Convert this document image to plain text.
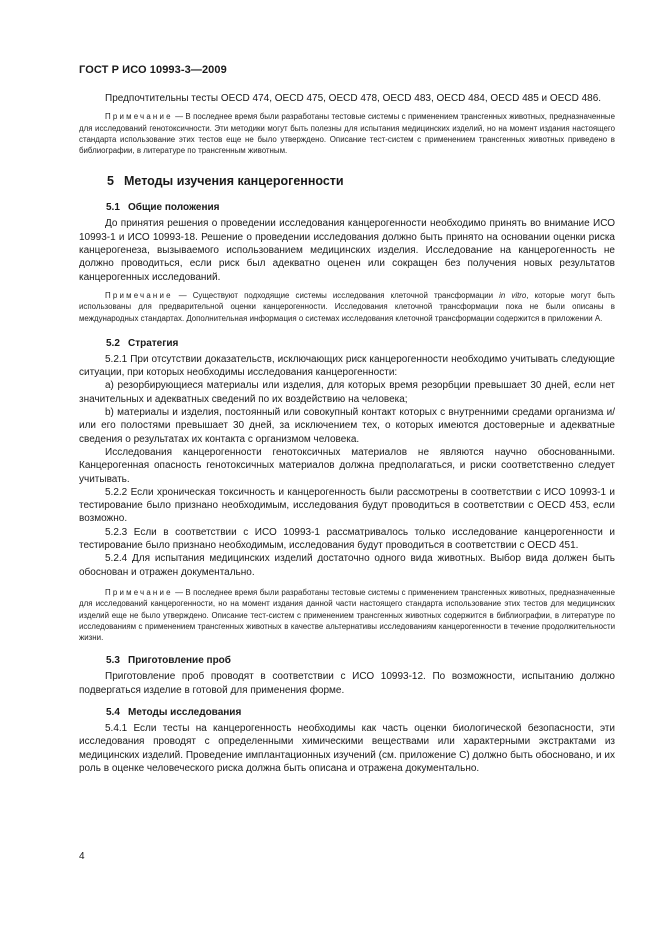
ГОСТ Р ИСО 10993-3—2009

Предпочтительны тесты OECD 474, OECD 475, OECD 478, OECD 483, OECD 484, OECD 485 и OECD 486.

Примечание — В последнее время были разработаны тестовые системы с применением трансгенных животных, предназначенные для исследований генотоксичности. Эти методики могут быть полезны для испытания медицинских изделий, но на момент издания настоящего стандарта использование этих тестов еще не было утверждено. Описание тест-систем с применением трансгенных животных приведено в библиографии, в литературе по трансгенным животным.

5 Методы изучения канцерогенности
5.1 Общие положения

До принятия решения о проведении исследования канцерогенности необходимо принять во внимание ИСО 10993-1 и ИСО 10993-18. Решение о проведении исследования должно быть принято на основании оценки риска канцерогенеза, вызываемого использованием медицинских изделия. Исследование на канцерогенность не должно проводиться, если риск был адекватно оценен или сокращен без получения новых результатов канцерогенных исследований.

Примечание — Существуют подходящие системы исследования клеточной трансформации in vitro, которые могут быть использованы для предварительной оценки канцерогенности. Исследования клеточной трансформации пока не были описаны в международных стандартах. Дополнительная информация о системах исследования клеточной трансформации содержится в приложении А.

5.2 Стратегия

5.2.1 При отсутствии доказательств, исключающих риск канцерогенности необходимо учитывать следующие ситуации, при которых необходимы исследования канцерогенности:

а) резорбирующиеся материалы или изделия, для которых время резорбции превышает 30 дней, если нет значительных и адекватных сведений по их воздействию на человека;

b) материалы и изделия, постоянный или совокупный контакт которых с внутренними средами организма и/или его полостями превышает 30 дней, за исключением тех, о которых имеются достоверные и адекватные сведения о результатах их контакта с организмом человека.

Исследования канцерогенности генотоксичных материалов не являются научно обоснованными. Канцерогенная опасность генотоксичных материалов должна предполагаться, и риски соответственно следует учитывать.

5.2.2 Если хроническая токсичность и канцерогенность были рассмотрены в соответствии с ИСО 10993-1 и тестирование было признано необходимым, исследования будут проводиться в соответствии с OECD 453, если возможно.

5.2.3 Если в соответствии с ИСО 10993-1 рассматривалось только исследование канцерогенности и тестирование было признано необходимым, исследования будут проводиться в соответствии с OECD 451.

5.2.4 Для испытания медицинских изделий достаточно одного вида животных. Выбор вида должен быть обоснован и отражен документально.

Примечание — В последнее время были разработаны тестовые системы с применением трансгенных животных, предназначенные для исследований канцерогенности, но на момент издания данной части настоящего стандарта использование этих тестов для медицинских изделий еще не было утверждено. Описание тест-систем с применением трансгенных животных содержится в библиографии, в литературе по исследованиям с применением трансгенных животных в качестве альтернативы исследованиям канцерогенности в течение продолжительности жизни.

5.3 Приготовление проб

Приготовление проб проводят в соответствии с ИСО 10993-12. По возможности, испытанию должно подвергаться изделие в готовой для применения форме.

5.4 Методы исследования

5.4.1 Если тесты на канцерогенность необходимы как часть оценки биологической безопасности, эти исследования проводят с определенными химическими веществами или характерными экстрактами из медицинских изделий. Проведение имплантационных изучений (см. приложение С) должно быть обосновано, и их роль в оценке человеческого риска должна быть описана и отражена документально.

4
